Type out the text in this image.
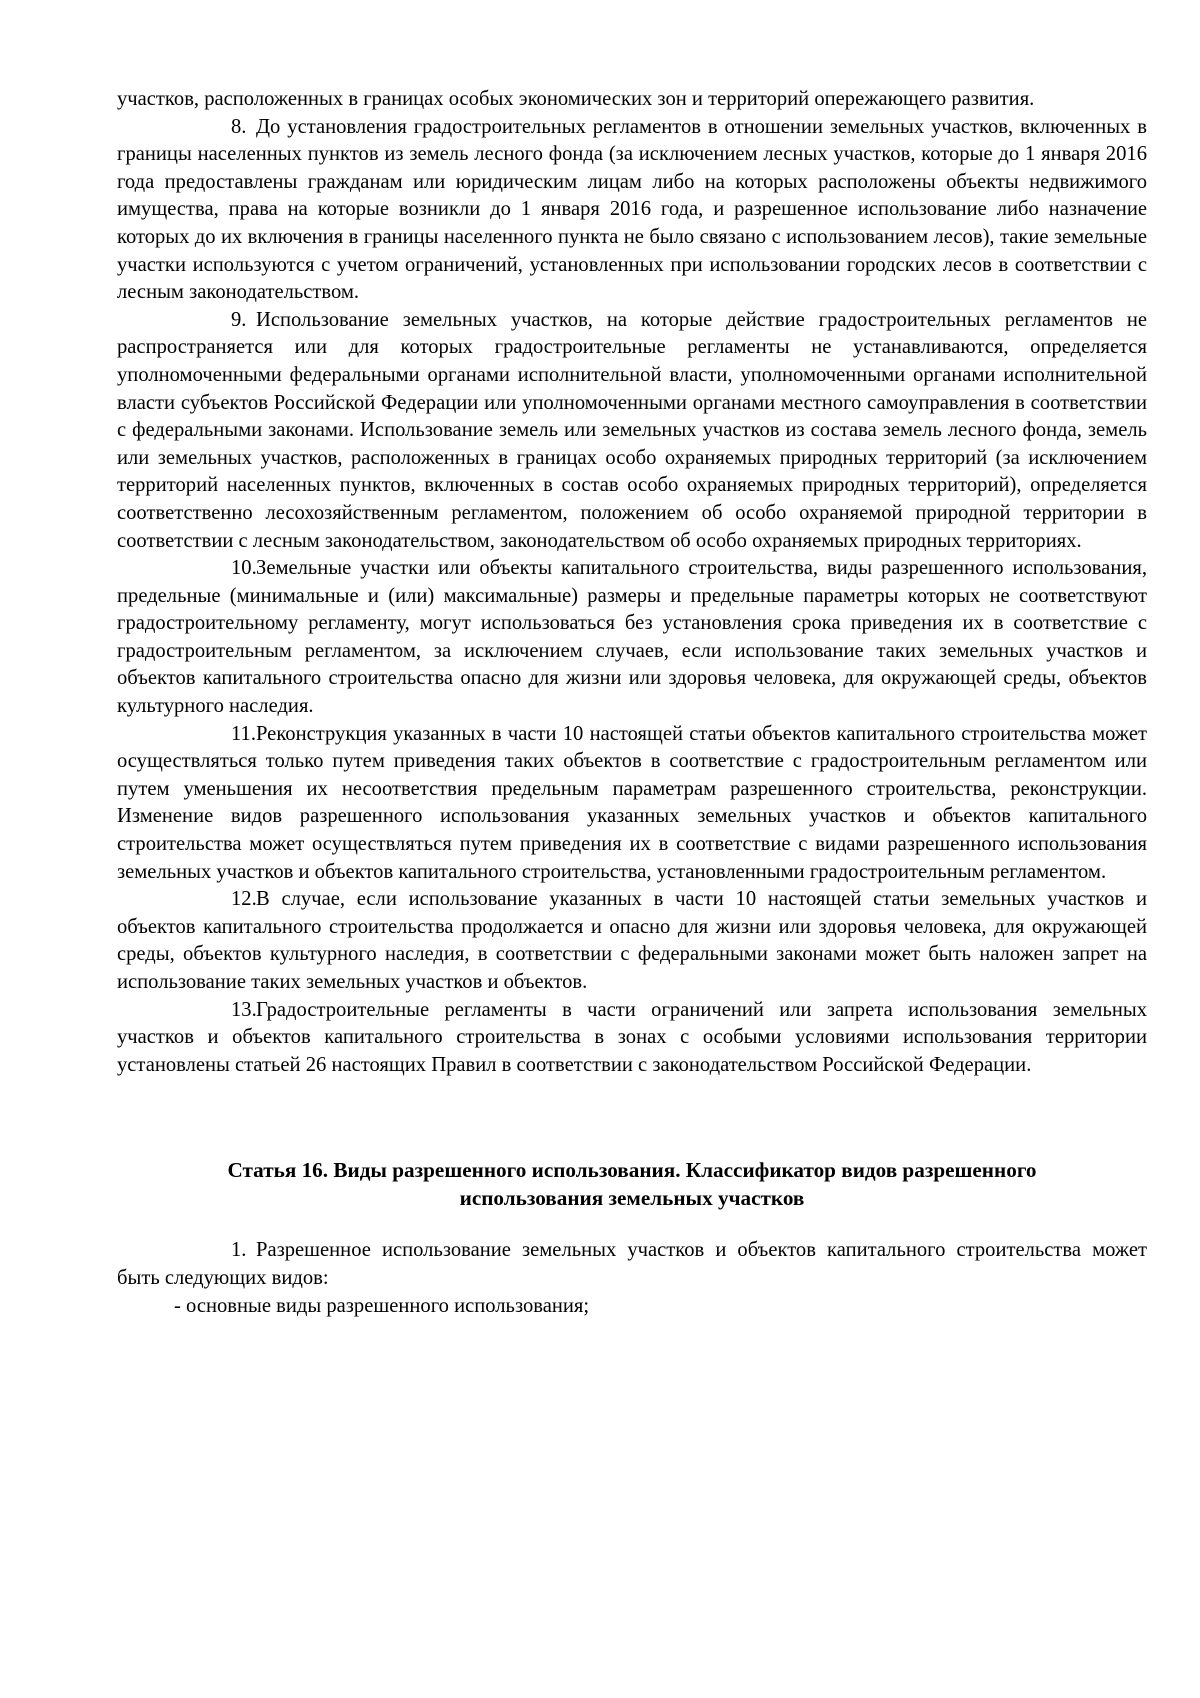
участков, расположенных в границах особых экономических зон и территорий опережающего развития.

8. До установления градостроительных регламентов в отношении земельных участков, включенных в границы населенных пунктов из земель лесного фонда (за исключением лесных участков, которые до 1 января 2016 года предоставлены гражданам или юридическим лицам либо на которых расположены объекты недвижимого имущества, права на которые возникли до 1 января 2016 года, и разрешенное использование либо назначение которых до их включения в границы населенного пункта не было связано с использованием лесов), такие земельные участки используются с учетом ограничений, установленных при использовании городских лесов в соответствии с лесным законодательством.

9. Использование земельных участков, на которые действие градостроительных регламентов не распространяется или для которых градостроительные регламенты не устанавливаются, определяется уполномоченными федеральными органами исполнительной власти, уполномоченными органами исполнительной власти субъектов Российской Федерации или уполномоченными органами местного самоуправления в соответствии с федеральными законами. Использование земель или земельных участков из состава земель лесного фонда, земель или земельных участков, расположенных в границах особо охраняемых природных территорий (за исключением территорий населенных пунктов, включенных в состав особо охраняемых природных территорий), определяется соответственно лесохозяйственным регламентом, положением об особо охраняемой природной территории в соответствии с лесным законодательством, законодательством об особо охраняемых природных территориях.

10.Земельные участки или объекты капитального строительства, виды разрешенного использования, предельные (минимальные и (или) максимальные) размеры и предельные параметры которых не соответствуют градостроительному регламенту, могут использоваться без установления срока приведения их в соответствие с градостроительным регламентом, за исключением случаев, если использование таких земельных участков и объектов капитального строительства опасно для жизни или здоровья человека, для окружающей среды, объектов культурного наследия.

11.Реконструкция указанных в части 10 настоящей статьи объектов капитального строительства может осуществляться только путем приведения таких объектов в соответствие с градостроительным регламентом или путем уменьшения их несоответствия предельным параметрам разрешенного строительства, реконструкции. Изменение видов разрешенного использования указанных земельных участков и объектов капитального строительства может осуществляться путем приведения их в соответствие с видами разрешенного использования земельных участков и объектов капитального строительства, установленными градостроительным регламентом.

12.В случае, если использование указанных в части 10 настоящей статьи земельных участков и объектов капитального строительства продолжается и опасно для жизни или здоровья человека, для окружающей среды, объектов культурного наследия, в соответствии с федеральными законами может быть наложен запрет на использование таких земельных участков и объектов.

13.Градостроительные регламенты в части ограничений или запрета использования земельных участков и объектов капитального строительства в зонах с особыми условиями использования территории установлены статьей 26 настоящих Правил в соответствии с законодательством Российской Федерации.

Статья 16. Виды разрешенного использования. Классификатор видов разрешенного
использования земельных участков

1. Разрешенное использование земельных участков и объектов капитального строительства может быть следующих видов:

- основные виды разрешенного использования;
